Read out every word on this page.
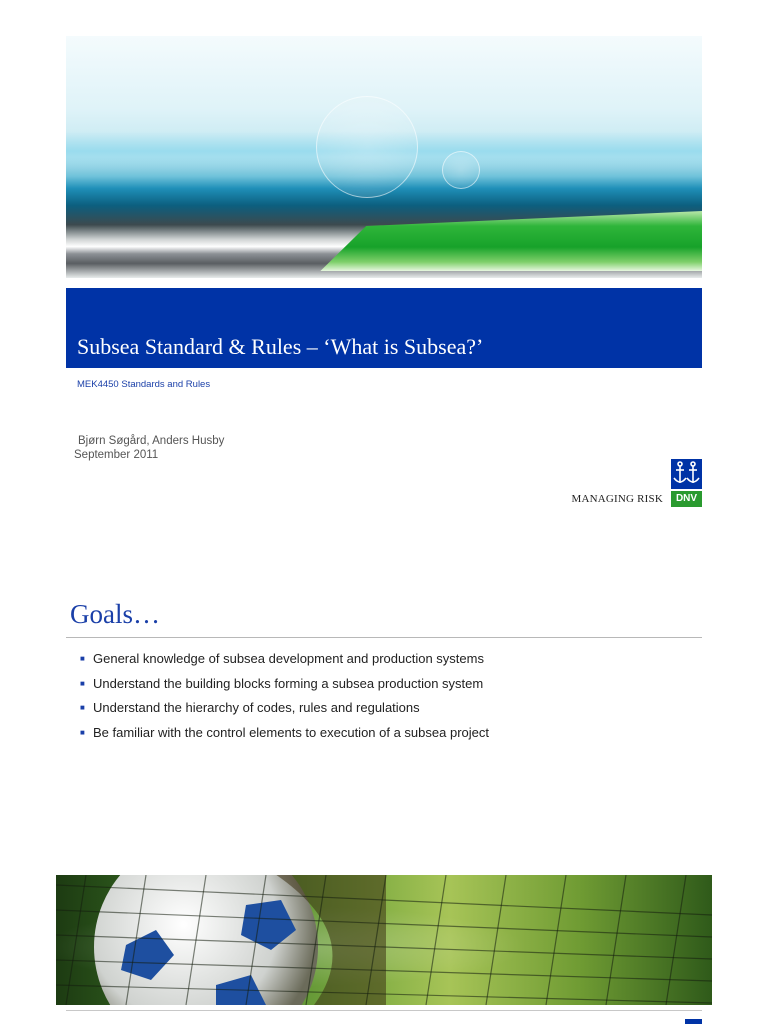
Subsea Standard & Rules – ‘What is Subsea?’
MEK4450 Standards and Rules
Bjørn Søgård, Anders Husby
September 2011
MANAGING RISK	DNV
Goals…
■ General knowledge of subsea development and production systems
■ Understand the building blocks forming a subsea production system
■ Understand the hierarchy of codes, rules and regulations
■ Be familiar with the control elements to execution of a subsea project
